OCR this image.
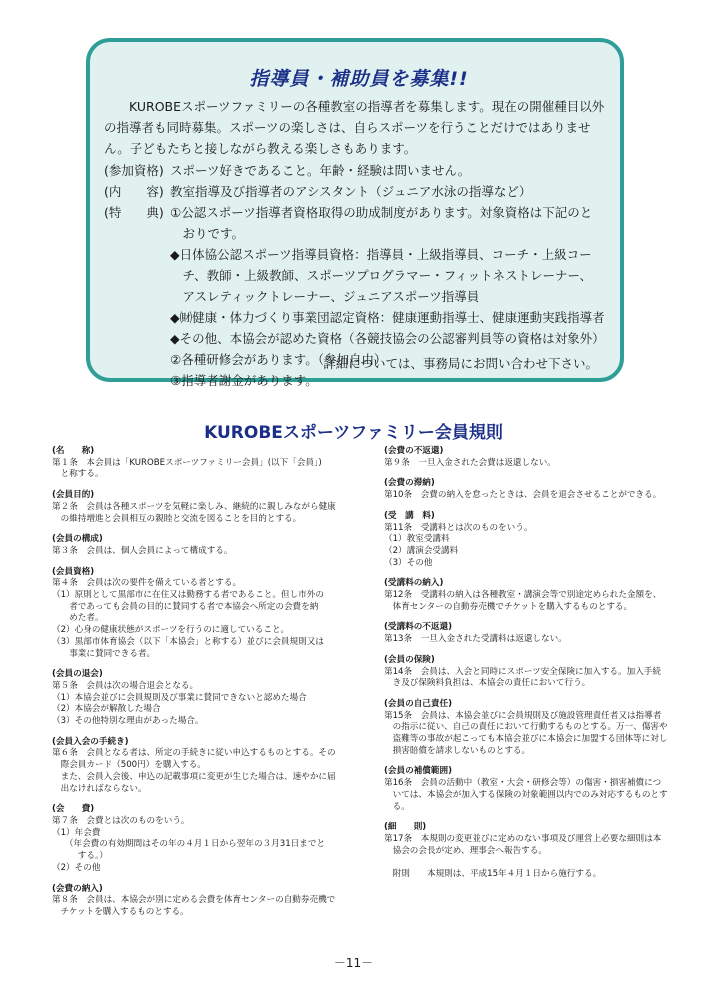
指導員・補助員を募集!!

KUROBEスポーツファミリーの各種教室の指導者を募集します。現在の開催種目以外の指導者も同時募集。スポーツの楽しさは、自らスポーツを行うことだけではありません。子どもたちと接しながら教える楽しさもあります。

(参加資格) スポーツ好きであること。年齢・経験は問いません。
(内　　容) 教室指導及び指導者のアシスタント（ジュニア水泳の指導など）
(特　　典) ①公認スポーツ指導者資格取得の助成制度があります。対象資格は下記のと
　おりです。
◆日体協公認スポーツ指導員資格：指導員・上級指導員、コーチ・上級コー
　チ、教師・上級教師、スポーツプログラマー・フィットネストレーナー、
　アスレティックトレーナー、ジュニアスポーツ指導員
◆㈶健康・体力づくり事業団認定資格：健康運動指導士、健康運動実践指導者
◆その他、本協会が認めた資格（各競技協会の公認審判員等の資格は対象外）
②各種研修会があります。（参加自由）
③指導者謝金があります。
詳細については、事務局にお問い合わせ下さい。
KUROBEスポーツファミリー会員規則
(名　　称)
第１条　本会員は「KUROBEスポーツファミリー会員」(以下「会員」)
　と称する。
(会員目的)
第２条　会員は各種スポーツを気軽に楽しみ、継続的に親しみながら健康
　の維持増進と会員相互の親睦と交流を図ることを目的とする。
(会員の構成)
第３条　会員は、個人会員によって構成する。
(会員資格)
第４条　会員は次の要件を備えている者とする。
（1）原則として黒部市に在住又は勤務する者であること。但し市外の
　　者であっても会員の目的に賛同する者で本協会へ所定の会費を納
　　めた者。
（2）心身の健康状態がスポーツを行うのに適していること。
（3）黒部市体育協会（以下「本協会」と称する）並びに会員規則又は
　　事業に賛同できる者。
(会員の退会)
第５条　会員は次の場合退会となる。
（1）本協会並びに会員規則及び事業に賛同できないと認めた場合
（2）本協会が解散した場合
（3）その他特別な理由があった場合。
(会員入会の手続き)
第６条　会員となる者は、所定の手続きに従い申込するものとする。その
　際会員カード（500円）を購入する。
　また、会員入会後、申込の記載事項に変更が生じた場合は、速やかに届
　出なければならない。
(会　　費)
第７条　会費とは次のものをいう。
（1）年会費
　　（年会費の有効期間はその年の４月１日から翌年の３月31日までと
　　　する。）
（2）その他
(会費の納入)
第８条　会員は、本協会が別に定める会費を体育センターの自動券売機で
　チケットを購入するものとする。
(会費の不返還)
第９条　一旦入金された会費は返還しない。
(会費の滞納)
第10条　会費の納入を怠ったときは、会員を退会させることができる。
(受　講　料)
第11条　受講料とは次のものをいう。
（1）教室受講料
（2）講演会受講料
（3）その他
(受講料の納入)
第12条　受講料の納入は各種教室・講演会等で別途定められた金額を、
　体育センターの自動券売機でチケットを購入するものとする。
(受講料の不返還)
第13条　一旦入金された受講料は返還しない。
(会員の保険)
第14条　会員は、入会と同時にスポーツ安全保険に加入する。加入手続
　き及び保険料負担は、本協会の責任において行う。
(会員の自己責任)
第15条　会員は、本協会並びに会員規則及び施設管理責任者又は指導者
　の指示に従い、自己の責任において行動するものとする。万一、傷害や
　盗難等の事故が起こっても本協会並びに本協会に加盟する団体等に対し
　損害賠償を請求しないものとする。
(会員の補償範囲)
第16条　会員の活動中（教室・大会・研修会等）の傷害・損害補償につ
　いては、本協会が加入する保険の対象範囲以内でのみ対応するものとす
　る。
(細　　則)
第17条　本規則の変更並びに定めのない事項及び運営上必要な細則は本
　協会の会長が定め、理事会へ報告する。
　附則　　本規則は、平成15年４月１日から施行する。
－11－
